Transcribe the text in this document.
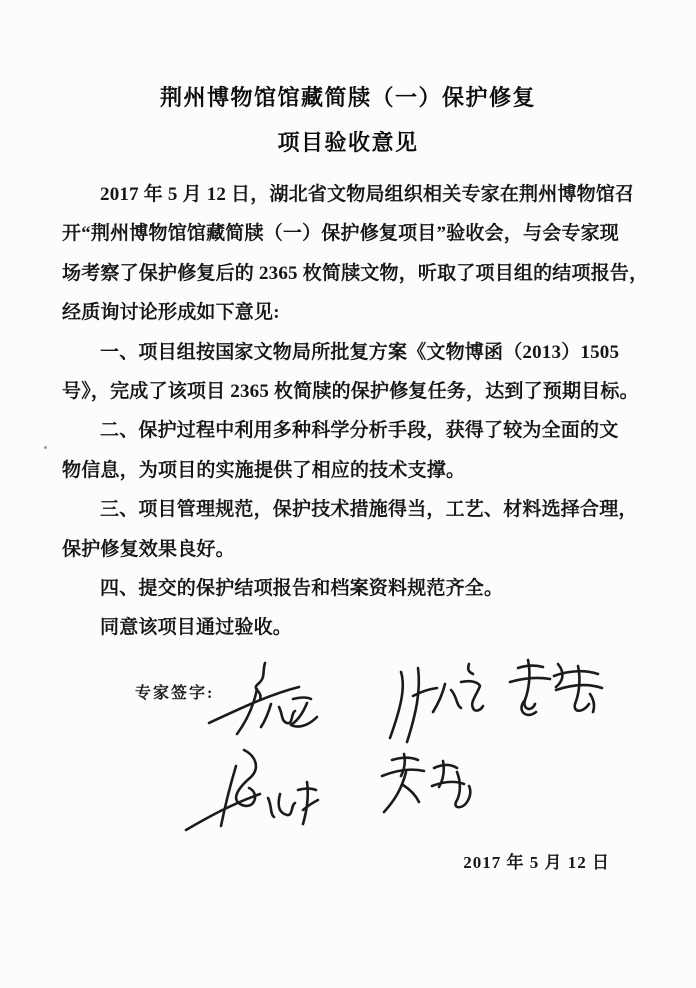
荆州博物馆馆藏简牍（一）保护修复
项目验收意见
2017 年 5 月 12 日，湖北省文物局组织相关专家在荆州博物馆召
开“荆州博物馆馆藏简牍（一）保护修复项目”验收会，与会专家现
场考察了保护修复后的 2365 枚简牍文物，听取了项目组的结项报告，
经质询讨论形成如下意见:
一、项目组按国家文物局所批复方案《文物博函（2013）1505
号》，完成了该项目 2365 枚简牍的保护修复任务，达到了预期目标。
二、保护过程中利用多种科学分析手段，获得了较为全面的文
物信息，为项目的实施提供了相应的技术支撑。
三、项目管理规范，保护技术措施得当，工艺、材料选择合理，
保护修复效果良好。
四、提交的保护结项报告和档案资料规范齐全。
同意该项目通过验收。
专家签字:
2017 年 5 月 12 日
